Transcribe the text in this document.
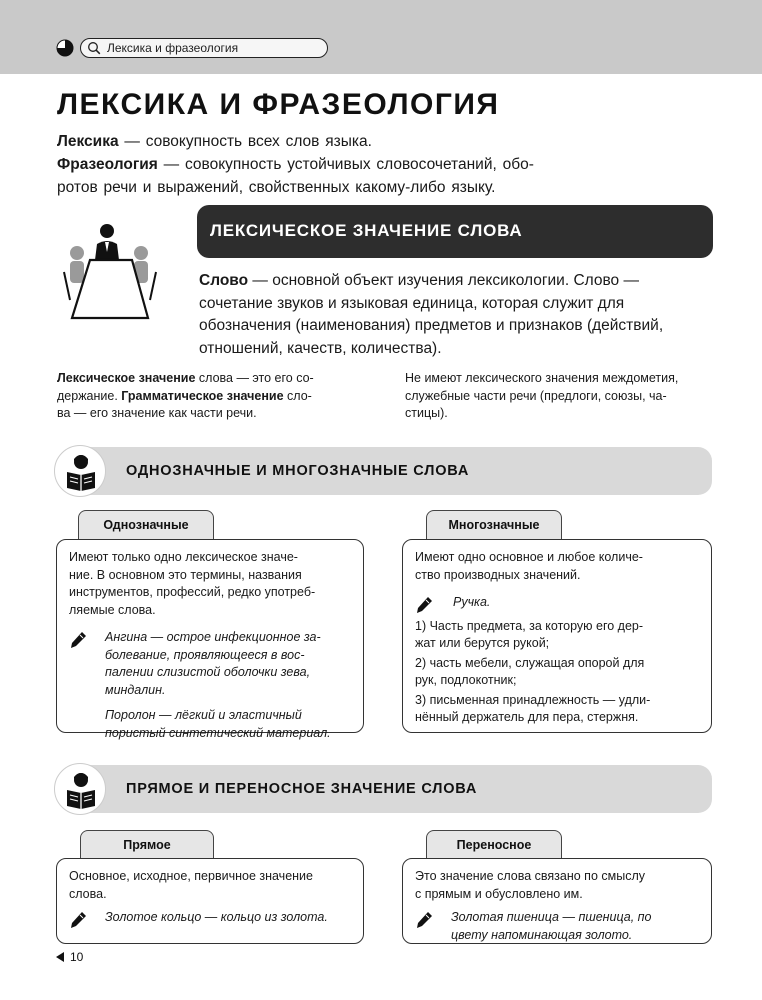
Лексика и фразеология
ЛЕКСИКА И ФРАЗЕОЛОГИЯ
Лексика — совокупность всех слов языка.
Фразеология — совокупность устойчивых словосочетаний, обо-
ротов речи и выражений, свойственных какому-либо языку.
ЛЕКСИЧЕСКОЕ ЗНАЧЕНИЕ СЛОВА
Слово — основной объект изучения лексикологии. Слово —
сочетание звуков и языковая единица, которая служит для
обозначения (наименования) предметов и признаков (действий,
отношений, качеств, количества).
Лексическое значение слова — это его со-
держание. Грамматическое значение сло-
ва — его значение как части речи.
Не имеют лексического значения междометия,
служебные части речи (предлоги, союзы, ча-
стицы).
ОДНОЗНАЧНЫЕ И МНОГОЗНАЧНЫЕ СЛОВА
Однозначные
Имеют только одно лексическое значе-
ние. В основном это термины, названия
инструментов, профессий, редко употреб-
ляемые слова.
Ангина — острое инфекционное за-
болевание, проявляющееся в вос-
палении слизистой оболочки зева,
миндалин.
Поролон — лёгкий и эластичный
пористый синтетический материал.
Многозначные
Имеют одно основное и любое количе-
ство производных значений.
Ручка.
1) Часть предмета, за которую его дер-
жат или берутся рукой;
2) часть мебели, служащая опорой для
рук, подлокотник;
3) письменная принадлежность — удли-
нённый держатель для пера, стержня.
ПРЯМОЕ И ПЕРЕНОСНОЕ ЗНАЧЕНИЕ СЛОВА
Прямое
Основное, исходное, первичное значение
слова.
Золотое кольцо — кольцо из золота.
Переносное
Это значение слова связано по смыслу
с прямым и обусловлено им.
Золотая пшеница — пшеница, по
цвету напоминающая золото.
10
